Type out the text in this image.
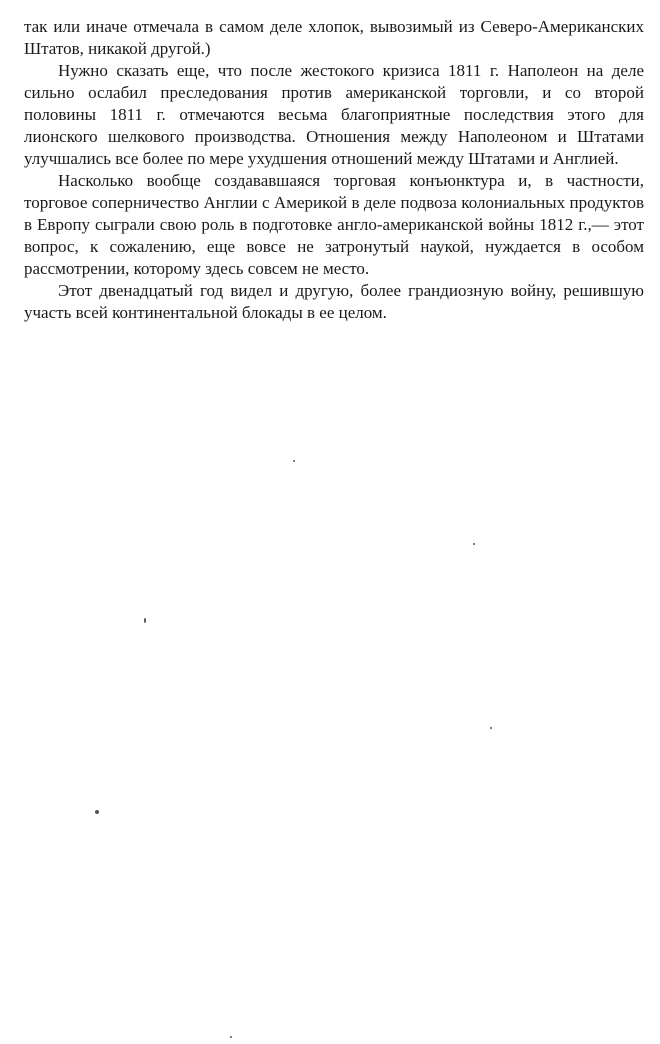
так или иначе отмечала в самом деле хлопок, вывозимый из Северо-Американских Штатов, никакой другой.)

Нужно сказать еще, что после жестокого кризиса 1811 г. Наполеон на деле сильно ослабил преследования против американской торговли, и со второй половины 1811 г. отмечаются весьма благоприятные последствия этого для лионского шелкового производства. Отношения между Наполеоном и Штатами улучшались все более по мере ухудшения отношений между Штатами и Англией.

Насколько вообще создававшаяся торговая конъюнктура и, в частности, торговое соперничество Англии с Америкой в деле подвоза колониальных продуктов в Европу сыграли свою роль в подготовке англо-американской войны 1812 г.,— этот вопрос, к сожалению, еще вовсе не затронутый наукой, нуждается в особом рассмотрении, которому здесь совсем не место.

Этот двенадцатый год видел и другую, более грандиозную войну, решившую участь всей континентальной блокады в ее целом.
